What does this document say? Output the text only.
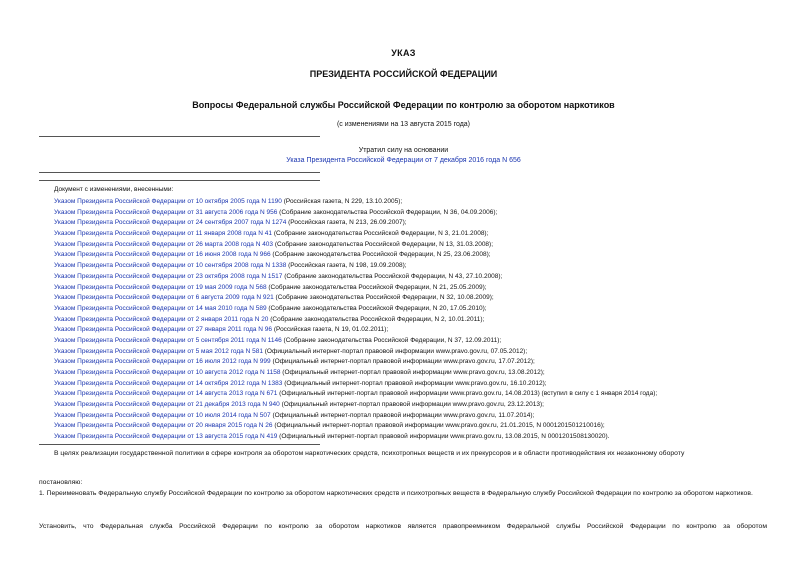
УКАЗ
ПРЕЗИДЕНТА РОССИЙСКОЙ ФЕДЕРАЦИИ
Вопросы Федеральной службы Российской Федерации по контролю за оборотом наркотиков
(с изменениями на 13 августа 2015 года)
Утратил силу на основании
Указа Президента Российской Федерации от 7 декабря 2016 года N 656
Документ с изменениями, внесенными:
Указом Президента Российской Федерации от 10 октября 2005 года N 1190 (Российская газета, N 229, 13.10.2005);
Указом Президента Российской Федерации от 31 августа 2006 года N 956 (Собрание законодательства Российской Федерации, N 36, 04.09.2006);
Указом Президента Российской Федерации от 24 сентября 2007 года N 1274 (Российская газета, N 213, 26.09.2007);
Указом Президента Российской Федерации от 11 января 2008 года N 41 (Собрание законодательства Российской Федерации, N 3, 21.01.2008);
Указом Президента Российской Федерации от 26 марта 2008 года N 403 (Собрание законодательства Российской Федерации, N 13, 31.03.2008);
Указом Президента Российской Федерации от 16 июня 2008 года N 966 (Собрание законодательства Российской Федерации, N 25, 23.06.2008);
Указом Президента Российской Федерации от 10 сентября 2008 года N 1338 (Российская газета, N 198, 19.09.2008);
Указом Президента Российской Федерации от 23 октября 2008 года N 1517 (Собрание законодательства Российской Федерации, N 43, 27.10.2008);
Указом Президента Российской Федерации от 19 мая 2009 года N 568 (Собрание законодательства Российской Федерации, N 21, 25.05.2009);
Указом Президента Российской Федерации от 6 августа 2009 года N 921 (Собрание законодательства Российской Федерации, N 32, 10.08.2009);
Указом Президента Российской Федерации от 14 мая 2010 года N 589 (Собрание законодательства Российской Федерации, N 20, 17.05.2010);
Указом Президента Российской Федерации от 2 января 2011 года N 20 (Собрание законодательства Российской Федерации, N 2, 10.01.2011);
Указом Президента Российской Федерации от 27 января 2011 года N 96 (Российская газета, N 19, 01.02.2011);
Указом Президента Российской Федерации от 5 сентября 2011 года N 1146 (Собрание законодательства Российской Федерации, N 37, 12.09.2011);
Указом Президента Российской Федерации от 5 мая 2012 года N 581 (Официальный интернет-портал правовой информации www.pravo.gov.ru, 07.05.2012);
Указом Президента Российской Федерации от 16 июля 2012 года N 999 (Официальный интернет-портал правовой информации www.pravo.gov.ru, 17.07.2012);
Указом Президента Российской Федерации от 10 августа 2012 года N 1158 (Официальный интернет-портал правовой информации www.pravo.gov.ru, 13.08.2012);
Указом Президента Российской Федерации от 14 октября 2012 года N 1383 (Официальный интернет-портал правовой информации www.pravo.gov.ru, 16.10.2012);
Указом Президента Российской Федерации от 14 августа 2013 года N 671 (Официальный интернет-портал правовой информации www.pravo.gov.ru, 14.08.2013) (вступил в силу с 1 января 2014 года);
Указом Президента Российской Федерации от 21 декабря 2013 года N 940 (Официальный интернет-портал правовой информации www.pravo.gov.ru, 23.12.2013);
Указом Президента Российской Федерации от 10 июля 2014 года N 507 (Официальный интернет-портал правовой информации www.pravo.gov.ru, 11.07.2014);
Указом Президента Российской Федерации от 20 января 2015 года N 26 (Официальный интернет-портал правовой информации www.pravo.gov.ru, 21.01.2015, N 0001201501210016);
Указом Президента Российской Федерации от 13 августа 2015 года N 419 (Официальный интернет-портал правовой информации www.pravo.gov.ru, 13.08.2015, N 0001201508130020).
В целях реализации государственной политики в сфере контроля за оборотом наркотических средств, психотропных веществ и их прекурсоров и в области противодействия их незаконному обороту
постановляю:
1. Переименовать Федеральную службу Российской Федерации по контролю за оборотом наркотических средств и психотропных веществ в Федеральную службу Российской Федерации по контролю за оборотом наркотиков.
Установить, что Федеральная служба Российской Федерации по контролю за оборотом наркотиков является правопреемником Федеральной службы Российской Федерации по контролю за оборотом
